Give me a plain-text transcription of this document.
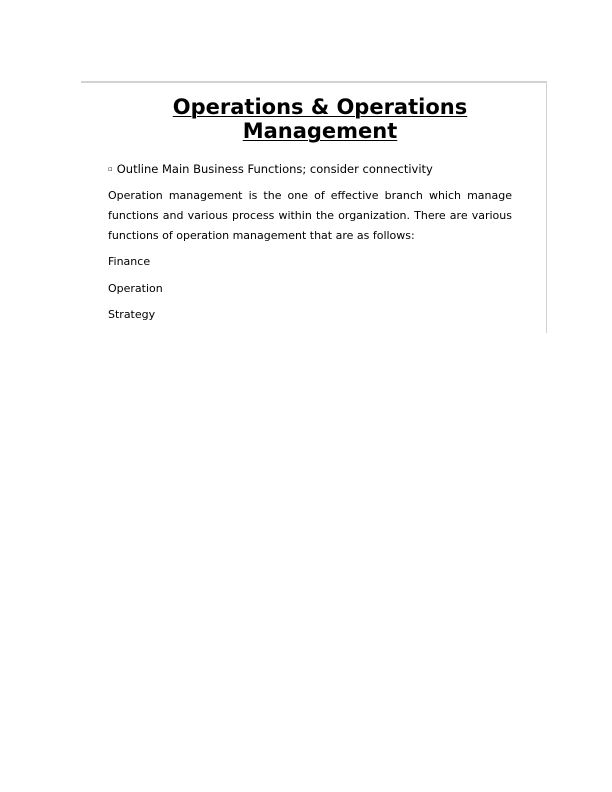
Operations & Operations Management
▫ Outline Main Business Functions; consider connectivity

Operation management is the one of effective branch which manage functions and various process within the organization. There are various functions of operation management that are as follows:

Finance
Operation
Strategy
